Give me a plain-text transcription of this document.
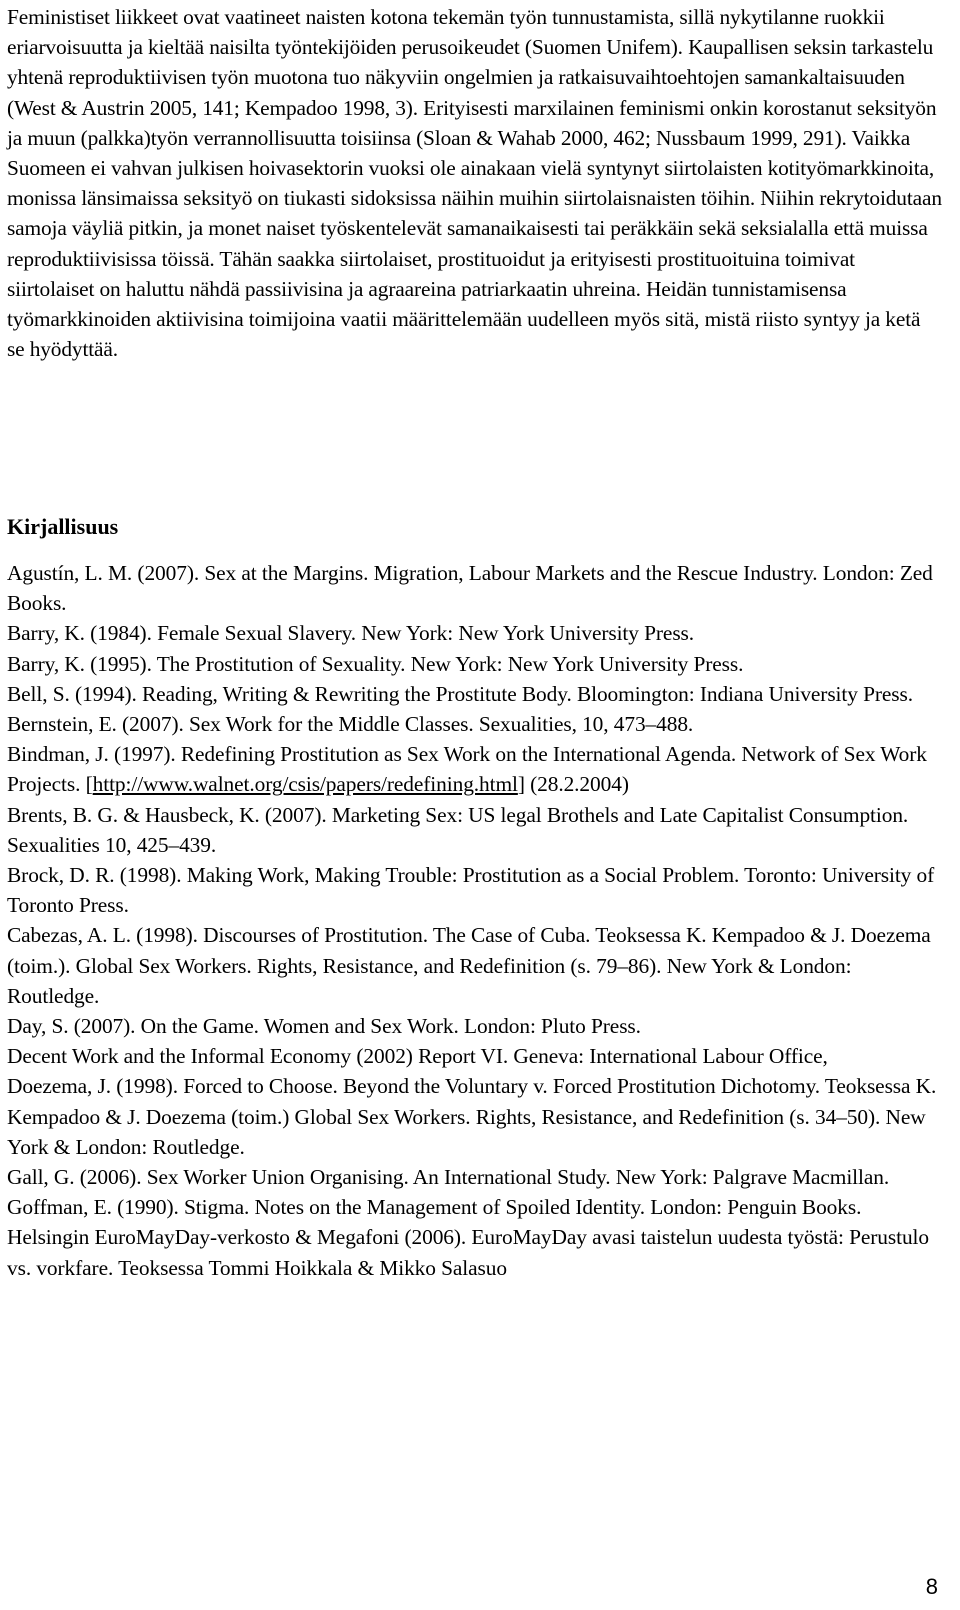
Feministiset liikkeet ovat vaatineet naisten kotona tekemän työn tunnustamista, sillä nykytilanne ruokkii eriarvoisuutta ja kieltää naisilta työntekijöiden perusoikeudet (Suomen Unifem). Kaupallisen seksin tarkastelu yhtenä reproduktiivisen työn muotona tuo näkyviin ongelmien ja ratkaisuvaihtoehtojen samankaltaisuuden (West & Austrin 2005, 141; Kempadoo 1998, 3). Erityisesti marxilainen feminismi onkin korostanut seksityön ja muun (palkka)työn verrannollisuutta toisiinsa (Sloan & Wahab 2000, 462; Nussbaum 1999, 291). Vaikka Suomeen ei vahvan julkisen hoivasektorin vuoksi ole ainakaan vielä syntynyt siirtolaisten kotityömarkkinoita, monissa länsimaissa seksityö on tiukasti sidoksissa näihin muihin siirtolaisnaisten töihin. Niihin rekrytoidutaan samoja väyliä pitkin, ja monet naiset työskentelevät samanaikaisesti tai peräkkäin sekä seksialalla että muissa reproduktiivisissa töissä. Tähän saakka siirtolaiset, prostituoidut ja erityisesti prostituoituina toimivat siirtolaiset on haluttu nähdä passiivisina ja agraareina patriarkaatin uhreina. Heidän tunnistamisensa työmarkkinoiden aktiivisina toimijoina vaatii määrittelemään uudelleen myös sitä, mistä riisto syntyy ja ketä se hyödyttää.

Kirjallisuus
Agustín, L. M. (2007). Sex at the Margins. Migration, Labour Markets and the Rescue Industry. London: Zed Books.
Barry, K. (1984). Female Sexual Slavery. New York: New York University Press.
Barry, K. (1995). The Prostitution of Sexuality. New York: New York University Press.
Bell, S. (1994). Reading, Writing & Rewriting the Prostitute Body. Bloomington: Indiana University Press.
Bernstein, E. (2007). Sex Work for the Middle Classes. Sexualities, 10, 473–488.
Bindman, J. (1997). Redefining Prostitution as Sex Work on the International Agenda. Network of Sex Work Projects. [http://www.walnet.org/csis/papers/redefining.html] (28.2.2004)
Brents, B. G. & Hausbeck, K. (2007). Marketing Sex: US legal Brothels and Late Capitalist Consumption. Sexualities 10, 425–439.
Brock, D. R. (1998). Making Work, Making Trouble: Prostitution as a Social Problem. Toronto: University of Toronto Press.
Cabezas, A. L. (1998). Discourses of Prostitution. The Case of Cuba. Teoksessa K. Kempadoo & J. Doezema (toim.). Global Sex Workers. Rights, Resistance, and Redefinition (s. 79–86). New York & London: Routledge.
Day, S. (2007). On the Game. Women and Sex Work. London: Pluto Press.
Decent Work and the Informal Economy (2002) Report VI. Geneva: International Labour Office,
Doezema, J. (1998). Forced to Choose. Beyond the Voluntary v. Forced Prostitution Dichotomy. Teoksessa K. Kempadoo & J. Doezema (toim.) Global Sex Workers. Rights, Resistance, and Redefinition (s. 34–50). New York & London: Routledge.
Gall, G. (2006). Sex Worker Union Organising. An International Study. New York: Palgrave Macmillan.
Goffman, E. (1990). Stigma. Notes on the Management of Spoiled Identity. London: Penguin Books.
Helsingin EuroMayDay-verkosto & Megafoni (2006). EuroMayDay avasi taistelun uudesta työstä: Perustulo vs. vorkfare. Teoksessa Tommi Hoikkala & Mikko Salasuo
8
